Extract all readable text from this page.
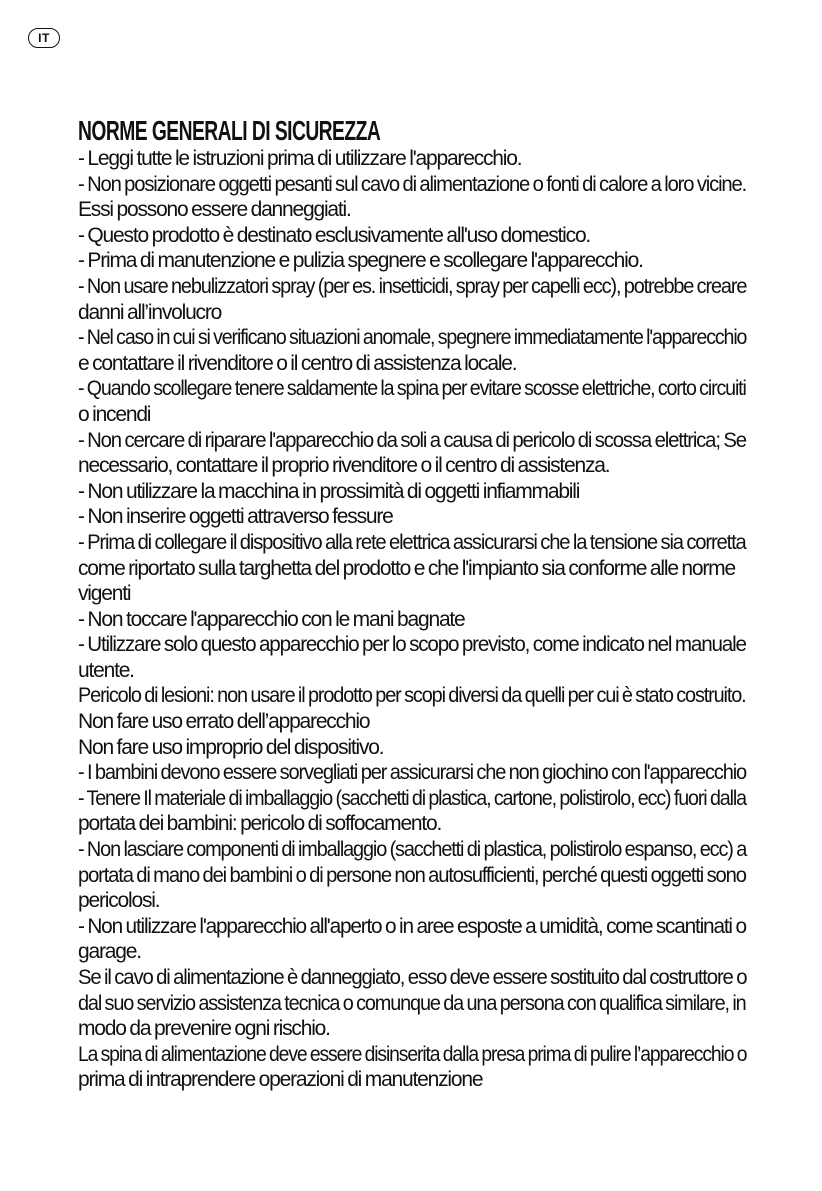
IT
NORME GENERALI DI SICUREZZA
- Leggi tutte le istruzioni prima di utilizzare l'apparecchio.
- Non posizionare oggetti pesanti sul cavo di alimentazione o fonti di calore a loro vicine.
Essi possono essere danneggiati.
- Questo prodotto è destinato esclusivamente all'uso domestico.
- Prima di manutenzione e pulizia spegnere e scollegare l'apparecchio.
- Non usare nebulizzatori spray (per es. insetticidi, spray per capelli ecc), potrebbe creare
danni all’involucro
- Nel caso in cui si verificano situazioni anomale, spegnere immediatamente l'apparecchio
e contattare il rivenditore o il centro di assistenza locale.
- Quando scollegare tenere saldamente la spina per evitare scosse elettriche, corto circuiti
o incendi
- Non cercare di riparare l'apparecchio da soli a causa di pericolo di scossa elettrica; Se
necessario, contattare il proprio rivenditore o il centro di assistenza.
- Non utilizzare la macchina in prossimità di oggetti infiammabili
- Non inserire oggetti attraverso fessure
- Prima di collegare il dispositivo alla rete elettrica assicurarsi che la tensione sia corretta
come riportato sulla targhetta del prodotto e che l'impianto sia conforme alle norme
vigenti
- Non toccare l'apparecchio con le mani bagnate
- Utilizzare solo questo apparecchio per lo scopo previsto, come indicato nel manuale
utente.
Pericolo di lesioni: non usare il prodotto per scopi diversi da quelli per cui è stato costruito.
Non fare uso errato dell’apparecchio
Non fare uso improprio del dispositivo.
- I bambini devono essere sorvegliati per assicurarsi che non giochino con l'apparecchio
- Tenere Il materiale di imballaggio (sacchetti di plastica, cartone, polistirolo, ecc) fuori dalla
portata dei bambini: pericolo di soffocamento.
- Non lasciare componenti di imballaggio (sacchetti di plastica, polistirolo espanso, ecc) a
portata di mano dei bambini o di persone non autosufficienti, perché questi oggetti sono
pericolosi.
- Non utilizzare l'apparecchio all'aperto o in aree esposte a umidità, come scantinati o
garage.
Se il cavo di alimentazione è danneggiato, esso deve essere sostituito dal costruttore o
dal suo servizio assistenza tecnica o comunque da una persona con qualifica similare, in
modo da prevenire ogni rischio.
La spina di alimentazione deve essere disinserita dalla presa prima di pulire l’apparecchio o
prima di intraprendere operazioni di manutenzione
